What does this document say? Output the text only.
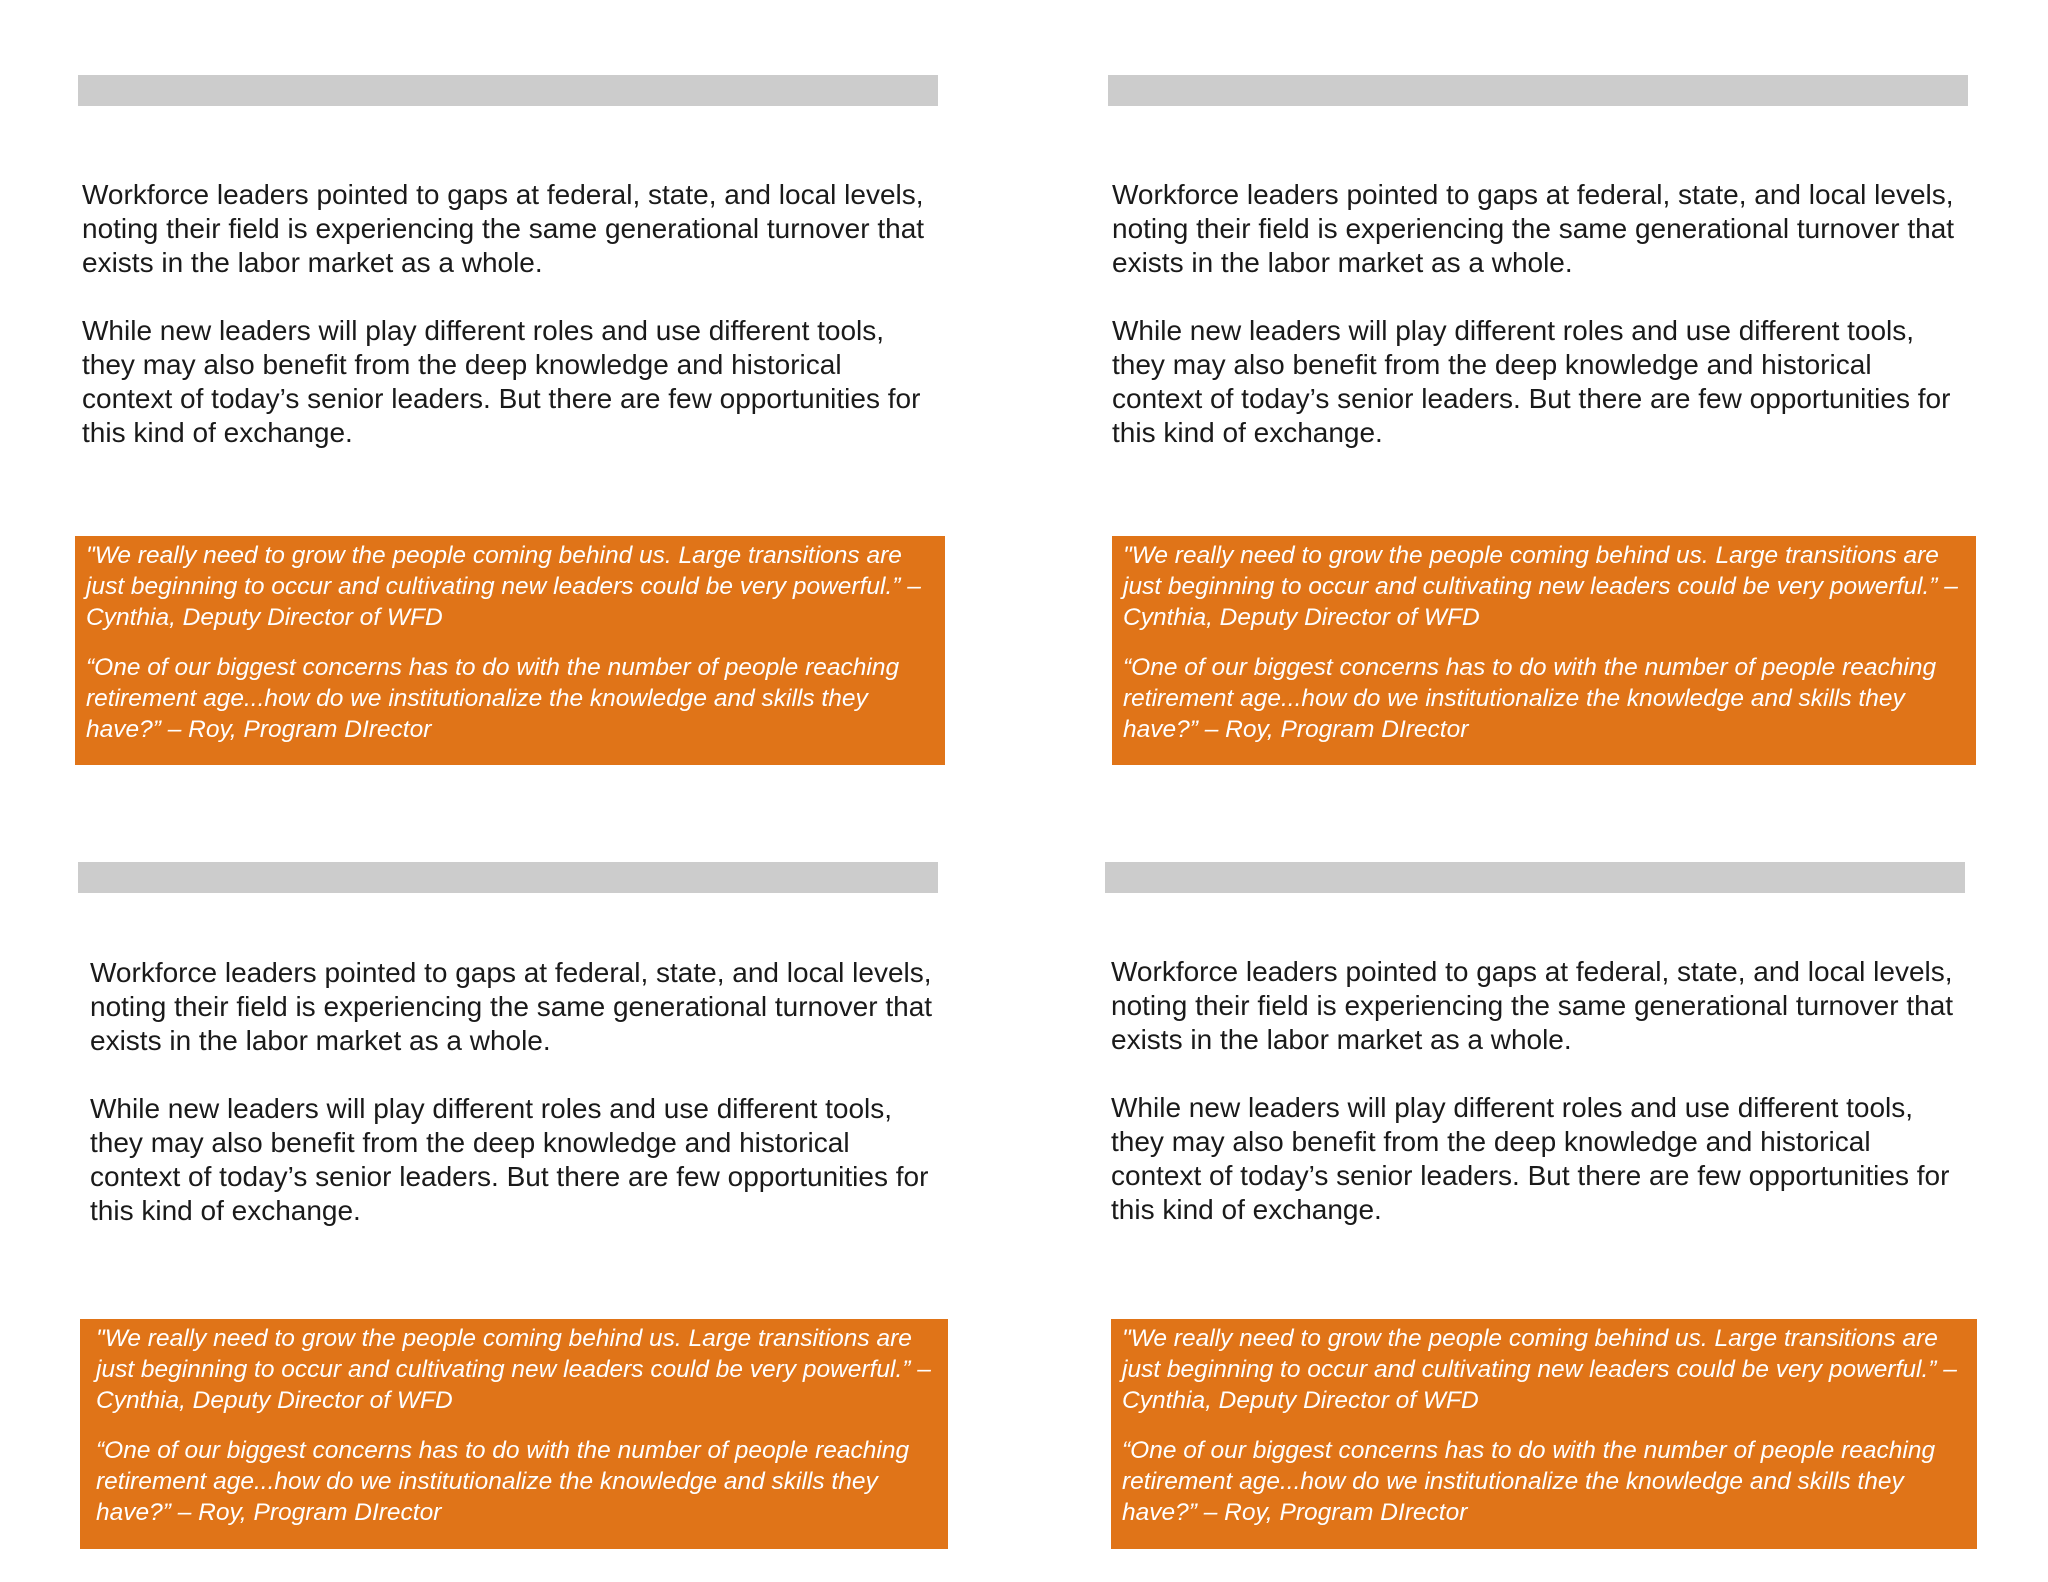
Workforce leaders pointed to gaps at federal, state, and local levels, noting their field is experiencing the same generational turnover that exists in the labor market as a whole.

While new leaders will play different roles and use different tools, they may also benefit from the deep knowledge and historical context of today’s senior leaders. But there are few opportunities for this kind of exchange.

"We really need to grow the people coming behind us. Large transitions are just beginning to occur and cultivating new leaders could be very powerful.” – Cynthia, Deputy Director of WFD

“One of our biggest concerns has to do with the number of people reaching retirement age...how do we institutionalize the knowledge and skills they have?” – Roy, Program DIrector

Workforce leaders pointed to gaps at federal, state, and local levels, noting their field is experiencing the same generational turnover that exists in the labor market as a whole.

While new leaders will play different roles and use different tools, they may also benefit from the deep knowledge and historical context of today’s senior leaders. But there are few opportunities for this kind of exchange.

"We really need to grow the people coming behind us. Large transitions are just beginning to occur and cultivating new leaders could be very powerful.” – Cynthia, Deputy Director of WFD

“One of our biggest concerns has to do with the number of people reaching retirement age...how do we institutionalize the knowledge and skills they have?” – Roy, Program DIrector

Workforce leaders pointed to gaps at federal, state, and local levels, noting their field is experiencing the same generational turnover that exists in the labor market as a whole.

While new leaders will play different roles and use different tools, they may also benefit from the deep knowledge and historical context of today’s senior leaders. But there are few opportunities for this kind of exchange.

"We really need to grow the people coming behind us. Large transitions are just beginning to occur and cultivating new leaders could be very powerful.” – Cynthia, Deputy Director of WFD

“One of our biggest concerns has to do with the number of people reaching retirement age...how do we institutionalize the knowledge and skills they have?” – Roy, Program DIrector

Workforce leaders pointed to gaps at federal, state, and local levels, noting their field is experiencing the same generational turnover that exists in the labor market as a whole.

While new leaders will play different roles and use different tools, they may also benefit from the deep knowledge and historical context of today’s senior leaders. But there are few opportunities for this kind of exchange.

"We really need to grow the people coming behind us. Large transitions are just beginning to occur and cultivating new leaders could be very powerful.” – Cynthia, Deputy Director of WFD

“One of our biggest concerns has to do with the number of people reaching retirement age...how do we institutionalize the knowledge and skills they have?” – Roy, Program DIrector
